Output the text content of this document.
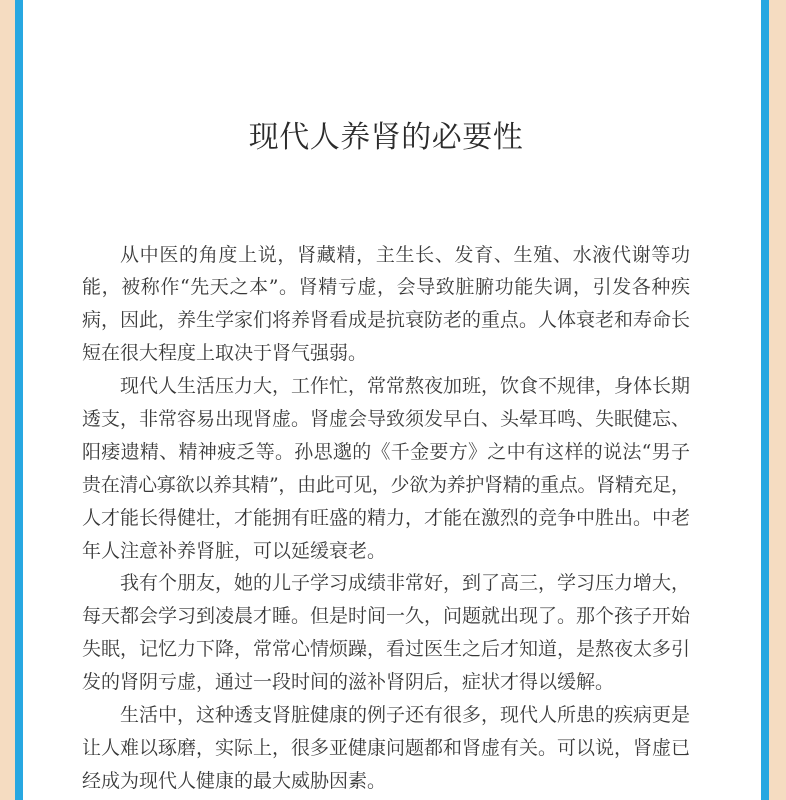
现代人养肾的必要性
从中医的角度上说，肾藏精，主生长、发育、生殖、水液代谢等功
能，被称作“先天之本”。肾精亏虚，会导致脏腑功能失调，引发各种疾
病，因此，养生学家们将养肾看成是抗衰防老的重点。人体衰老和寿命长
短在很大程度上取决于肾气强弱。
现代人生活压力大，工作忙，常常熬夜加班，饮食不规律，身体长期
透支，非常容易出现肾虚。肾虚会导致须发早白、头晕耳鸣、失眠健忘、
阳痿遗精、精神疲乏等。孙思邈的《千金要方》之中有这样的说法“男子
贵在清心寡欲以养其精”，由此可见，少欲为养护肾精的重点。肾精充足，
人才能长得健壮，才能拥有旺盛的精力，才能在激烈的竞争中胜出。中老
年人注意补养肾脏，可以延缓衰老。
我有个朋友，她的儿子学习成绩非常好，到了高三，学习压力增大，
每天都会学习到凌晨才睡。但是时间一久，问题就出现了。那个孩子开始
失眠，记忆力下降，常常心情烦躁，看过医生之后才知道，是熬夜太多引
发的肾阴亏虚，通过一段时间的滋补肾阴后，症状才得以缓解。
生活中，这种透支肾脏健康的例子还有很多，现代人所患的疾病更是
让人难以琢磨，实际上，很多亚健康问题都和肾虚有关。可以说，肾虚已
经成为现代人健康的最大威胁因素。
